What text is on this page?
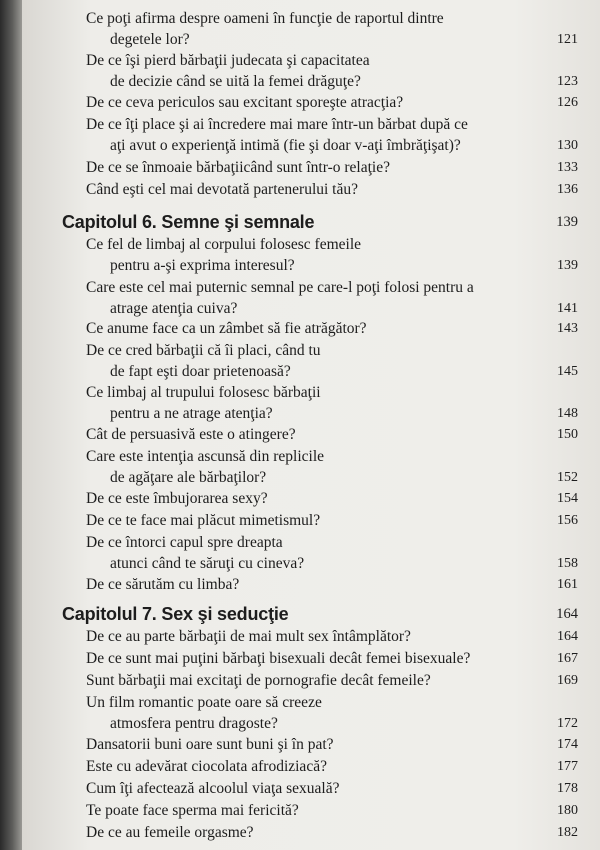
Ce poţi afirma despre oameni în funcţie de raportul dintre
degetele lor?	121
De ce îşi pierd bărbaţii judecata şi capacitatea
de decizie când se uită la femei drăguţe?	123
De ce ceva periculos sau excitant sporeşte atracţia?	126
De ce îţi place şi ai încredere mai mare într-un bărbat după ce
aţi avut o experienţă intimă (fie şi doar v-aţi îmbrăţişat)?	130
De ce se înmoaie bărbaţiicând sunt într-o relaţie?	133
Când eşti cel mai devotată partenerului tău?	136
Capitolul 6. Semne şi semnale	139
Ce fel de limbaj al corpului folosesc femeile
pentru a-şi exprima interesul?	139
Care este cel mai puternic semnal pe care-l poţi folosi pentru a
atrage atenţia cuiva?	141
Ce anume face ca un zâmbet să fie atrăgător?	143
De ce cred bărbaţii că îi placi, când tu
de fapt eşti doar prietenoasă?	145
Ce limbaj al trupului folosesc bărbaţii
pentru a ne atrage atenţia?	148
Cât de persuasivă este o atingere?	150
Care este intenţia ascunsă din replicile
de agăţare ale bărbaţilor?	152
De ce este îmbujorarea sexy?	154
De ce te face mai plăcut mimetismul?	156
De ce întorci capul spre dreapta
atunci când te săruţi cu cineva?	158
De ce sărutăm cu limba?	161
Capitolul 7. Sex şi seducţie	164
De ce au parte bărbaţii de mai mult sex întâmplător?	164
De ce sunt mai puţini bărbaţi bisexuali decât femei bisexuale?	167
Sunt bărbaţii mai excitaţi de pornografie decât femeile?	169
Un film romantic poate oare să creeze
atmosfera pentru dragoste?	172
Dansatorii buni oare sunt buni şi în pat?	174
Este cu adevărat ciocolata afrodiziacă?	177
Cum îţi afectează alcoolul viaţa sexuală?	178
Te poate face sperma mai fericită?	180
De ce au femeile orgasme?	182
